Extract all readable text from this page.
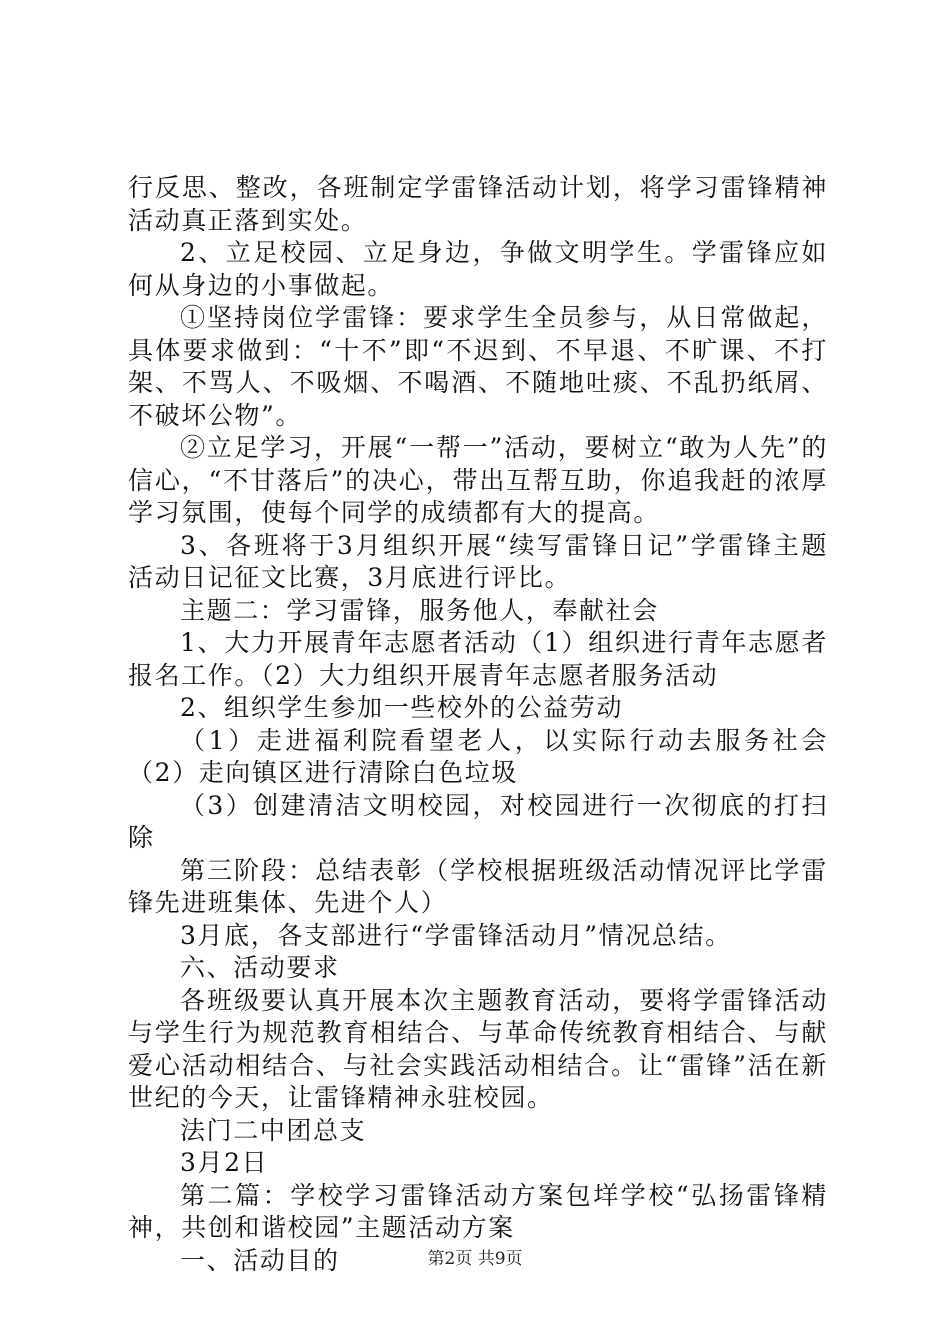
行反思、整改，各班制定学雷锋活动计划，将学习雷锋精神活动真正落到实处。

2、立足校园、立足身边，争做文明学生。学雷锋应如何从身边的小事做起。

①坚持岗位学雷锋：要求学生全员参与，从日常做起，具体要求做到：“十不”即“不迟到、不早退、不旷课、不打架、不骂人、不吸烟、不喝酒、不随地吐痰、不乱扔纸屑、不破坏公物”。

②立足学习，开展“一帮一”活动，要树立“敢为人先”的信心，“不甘落后”的决心，带出互帮互助，你追我赶的浓厚学习氛围，使每个同学的成绩都有大的提高。

3、各班将于3月组织开展“续写雷锋日记”学雷锋主题活动日记征文比赛，3月底进行评比。

主题二：学习雷锋，服务他人，奉献社会

1、大力开展青年志愿者活动（1）组织进行青年志愿者报名工作。（2）大力组织开展青年志愿者服务活动

2、组织学生参加一些校外的公益劳动

（1）走进福利院看望老人，以实际行动去服务社会（2）走向镇区进行清除白色垃圾

（3）创建清洁文明校园，对校园进行一次彻底的打扫除

第三阶段：总结表彰（学校根据班级活动情况评比学雷锋先进班集体、先进个人）

3月底，各支部进行“学雷锋活动月”情况总结。

六、活动要求

各班级要认真开展本次主题教育活动，要将学雷锋活动与学生行为规范教育相结合、与革命传统教育相结合、与献爱心活动相结合、与社会实践活动相结合。让“雷锋”活在新世纪的今天，让雷锋精神永驻校园。

法门二中团总支

3月2日

第二篇：学校学习雷锋活动方案包垟学校“弘扬雷锋精神，共创和谐校园”主题活动方案

一、活动目的	第2页 共9页
